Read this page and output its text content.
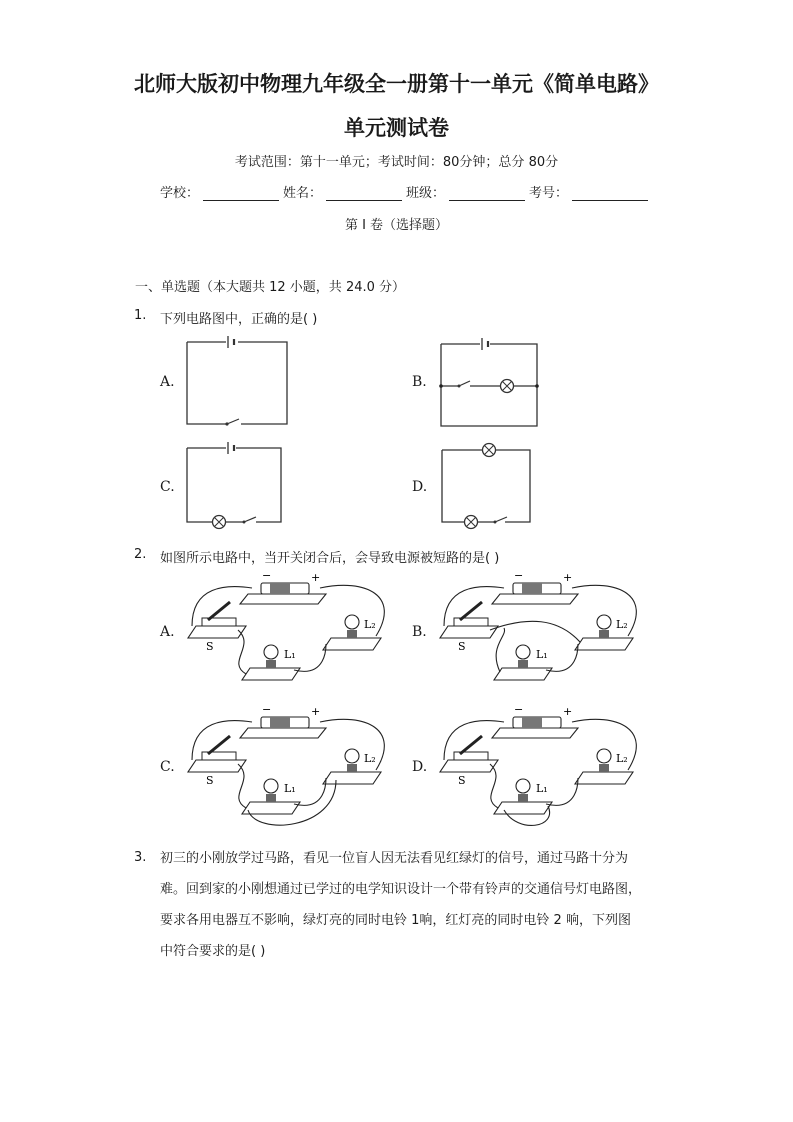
北师大版初中物理九年级全一册第十一单元《简单电路》
单元测试卷
考试范围：第十一单元；考试时间：80分钟；总分 80分
学校：	姓名：	班级：	考号：
第 I 卷（选择题）
一、单选题（本大题共 12 小题，共 24.0 分）
1. 下列电路图中，正确的是( )
A.	B.
C.	D.
2. 如图所示电路中，当开关闭合后，会导致电源被短路的是( )
A.	B.
C.	D.
−	+
S
L₁
L₂
−	+
S
L₁
L₂
−	+
S
L₁
L₂
−	+
S
L₁
L₂
3. 初三的小刚放学过马路，看见一位盲人因无法看见红绿灯的信号，通过马路十分为
难。回到家的小刚想通过已学过的电学知识设计一个带有铃声的交通信号灯电路图，
要求各用电器互不影响，绿灯亮的同时电铃 1响，红灯亮的同时电铃 2 响，下列图
中符合要求的是( )
